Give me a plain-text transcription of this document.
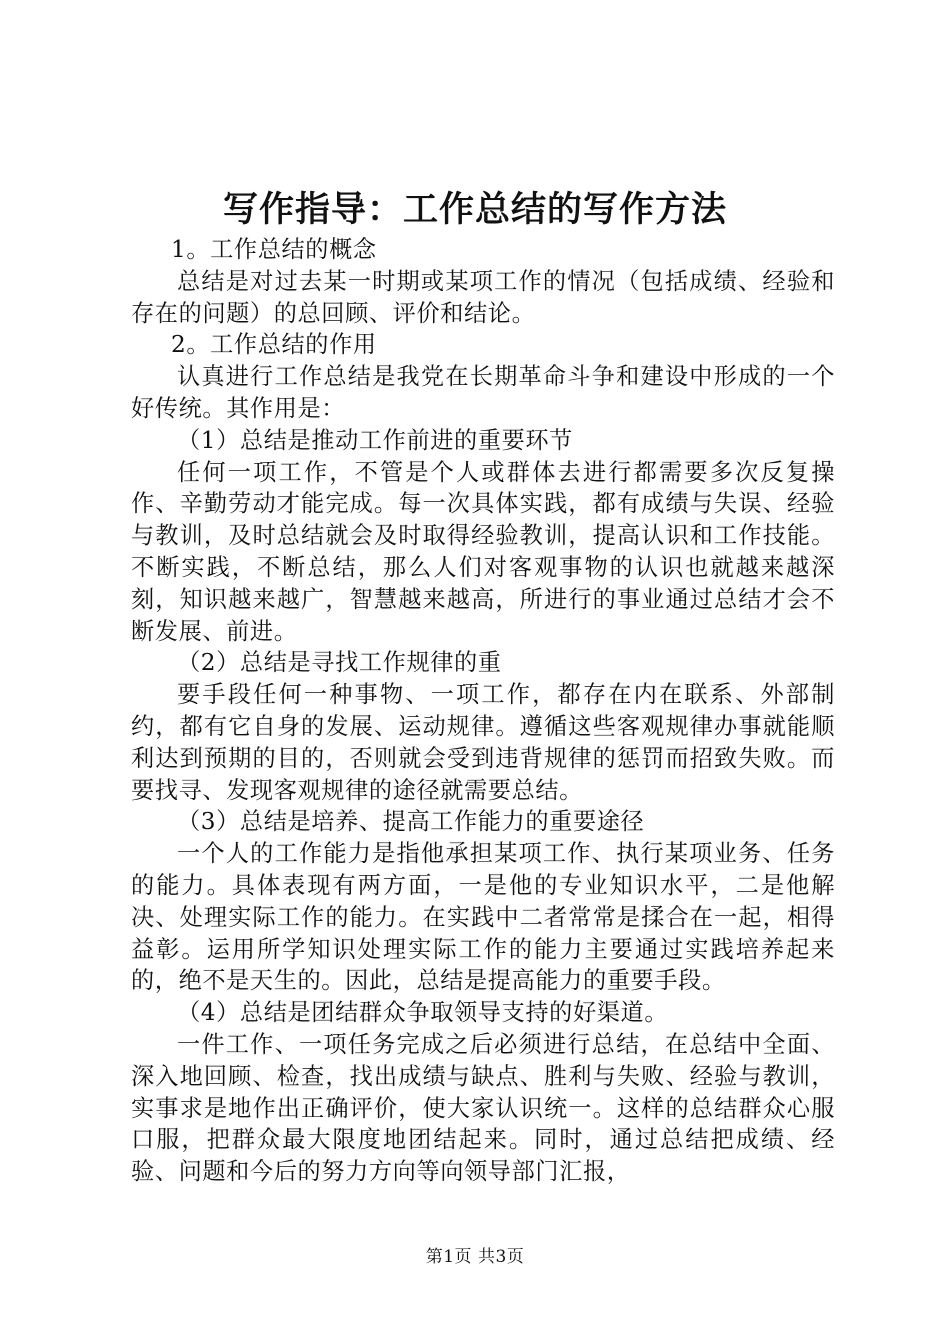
写作指导：工作总结的写作方法

1。工作总结的概念

总结是对过去某一时期或某项工作的情况（包括成绩、经验和存在的问题）的总回顾、评价和结论。

2。工作总结的作用

认真进行工作总结是我党在长期革命斗争和建设中形成的一个好传统。其作用是：

（1）总结是推动工作前进的重要环节

任何一项工作，不管是个人或群体去进行都需要多次反复操作、辛勤劳动才能完成。每一次具体实践，都有成绩与失误、经验与教训，及时总结就会及时取得经验教训，提高认识和工作技能。不断实践，不断总结，那么人们对客观事物的认识也就越来越深刻，知识越来越广，智慧越来越高，所进行的事业通过总结才会不断发展、前进。

（2）总结是寻找工作规律的重

要手段任何一种事物、一项工作，都存在内在联系、外部制约，都有它自身的发展、运动规律。遵循这些客观规律办事就能顺利达到预期的目的，否则就会受到违背规律的惩罚而招致失败。而要找寻、发现客观规律的途径就需要总结。

（3）总结是培养、提高工作能力的重要途径

一个人的工作能力是指他承担某项工作、执行某项业务、任务的能力。具体表现有两方面，一是他的专业知识水平，二是他解决、处理实际工作的能力。在实践中二者常常是揉合在一起，相得益彰。运用所学知识处理实际工作的能力主要通过实践培养起来的，绝不是天生的。因此，总结是提高能力的重要手段。

（4）总结是团结群众争取领导支持的好渠道。

一件工作、一项任务完成之后必须进行总结，在总结中全面、深入地回顾、检查，找出成绩与缺点、胜利与失败、经验与教训，实事求是地作出正确评价，使大家认识统一。这样的总结群众心服口服，把群众最大限度地团结起来。同时，通过总结把成绩、经验、问题和今后的努力方向等向领导部门汇报，

第1页 共3页
